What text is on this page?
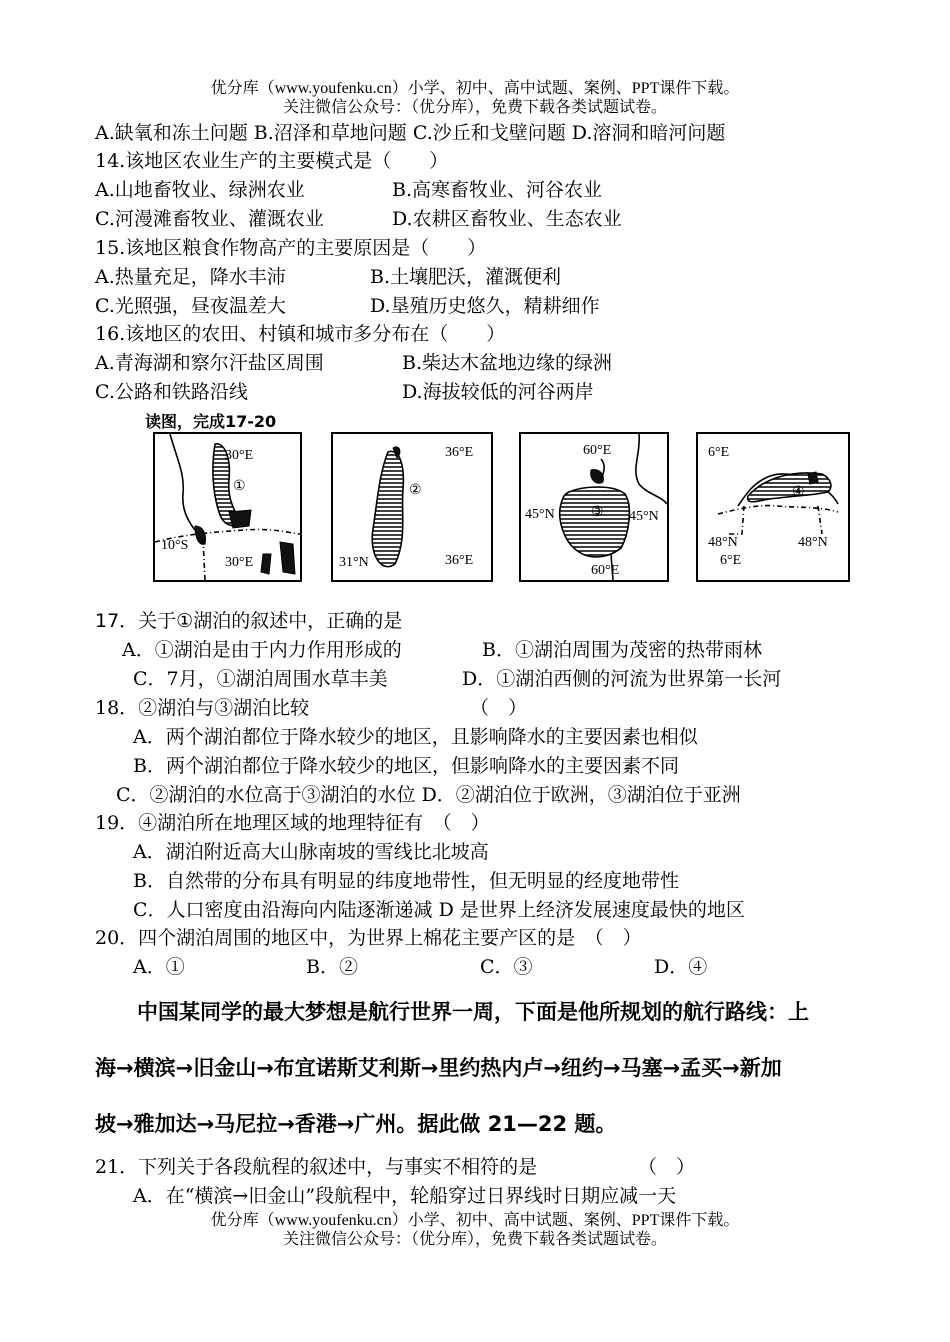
优分库（www.youfenku.cn）小学、初中、高中试题、案例、PPT课件下载。
关注微信公众号：（优分库），免费下载各类试题试卷。
A.缺氧和冻土问题 B.沼泽和草地问题 C.沙丘和戈壁问题 D.溶洞和暗河问题
14.该地区农业生产的主要模式是（　　）
A.山地畜牧业、绿洲农业	B.高寒畜牧业、河谷农业
C.河漫滩畜牧业、灌溉农业	D.农耕区畜牧业、生态农业
15.该地区粮食作物高产的主要原因是（　　）
A.热量充足，降水丰沛	B.土壤肥沃，灌溉便利
C.光照强，昼夜温差大	D.垦殖历史悠久，精耕细作
16.该地区的农田、村镇和城市多分布在（　　）
A.青海湖和察尔汗盐区周围	B.柴达木盆地边缘的绿洲
C.公路和铁路沿线	D.海拔较低的河谷两岸
读图，完成17-20
30°E
①
10°S
30°E
36°E
②
31°N	36°E
60°E
③
45°N	45°N
60°E
6°E
④
48°N	48°N
6°E
17．关于①湖泊的叙述中，正确的是
A．①湖泊是由于内力作用形成的	B．①湖泊周围为茂密的热带雨林
C．7月，①湖泊周围水草丰美	D．①湖泊西侧的河流为世界第一长河
18．②湖泊与③湖泊比较	（　）
A．两个湖泊都位于降水较少的地区，且影响降水的主要因素也相似
B．两个湖泊都位于降水较少的地区，但影响降水的主要因素不同
C．②湖泊的水位高于③湖泊的水位 D．②湖泊位于欧洲，③湖泊位于亚洲
19．④湖泊所在地理区域的地理特征有　（　）
A．湖泊附近高大山脉南坡的雪线比北坡高
B．自然带的分布具有明显的纬度地带性，但无明显的经度地带性
C．人口密度由沿海向内陆逐渐递减 D 是世界上经济发展速度最快的地区
20．四个湖泊周围的地区中，为世界上棉花主要产区的是　（　）
A．①	B．②	C．③	D．④
中国某同学的最大梦想是航行世界一周，下面是他所规划的航行路线：上
海→横滨→旧金山→布宜诺斯艾利斯→里约热内卢→纽约→马塞→孟买→新加
坡→雅加达→马尼拉→香港→广州。据此做 21—22 题。
21．下列关于各段航程的叙述中，与事实不相符的是	（　）
A．在“横滨→旧金山”段航程中，轮船穿过日界线时日期应减一天
优分库（www.youfenku.cn）小学、初中、高中试题、案例、PPT课件下载。
关注微信公众号：（优分库），免费下载各类试题试卷。
